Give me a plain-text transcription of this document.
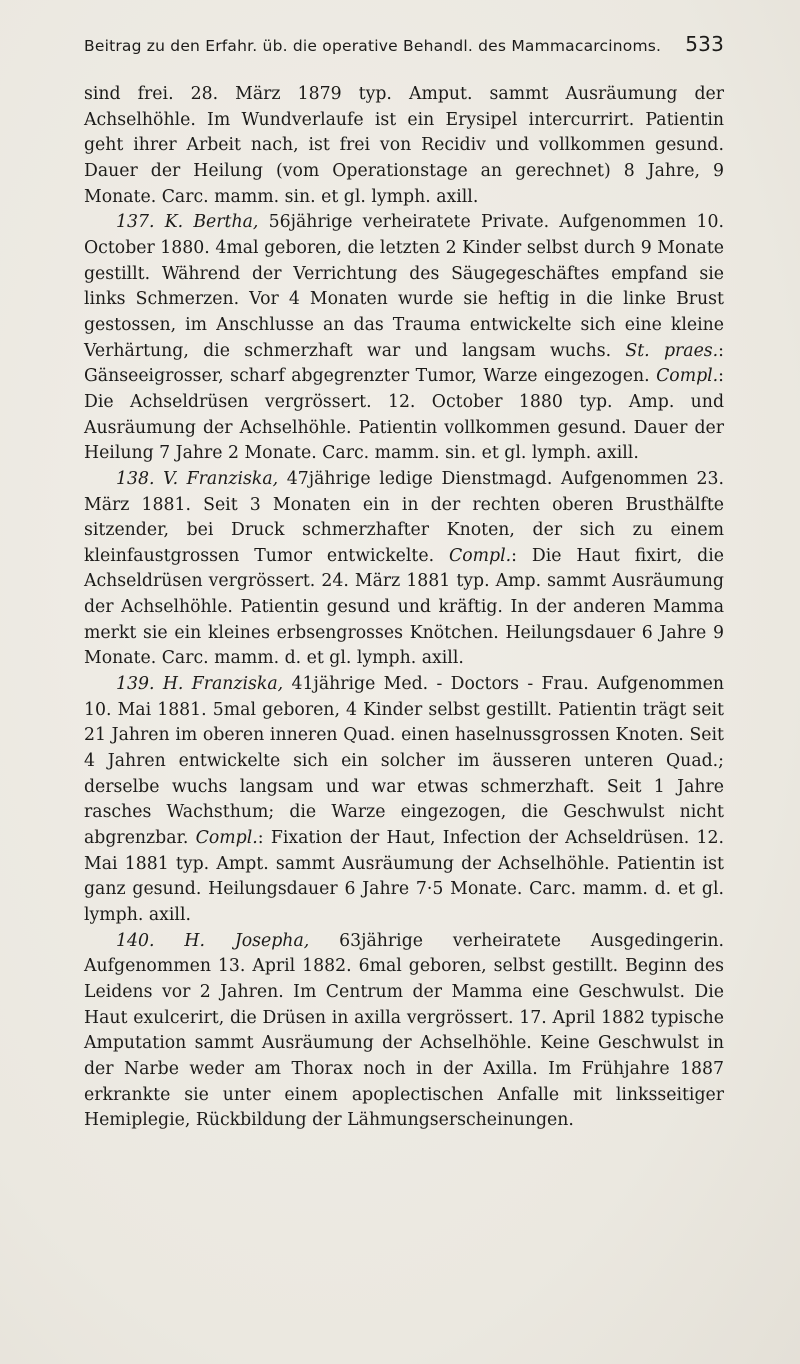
Beitrag zu den Erfahr. üb. die operative Behandl. des Mammacarcinoms. 533

sind frei. 28. März 1879 typ. Amput. sammt Ausräumung der Achselhöhle. Im Wundverlaufe ist ein Erysipel intercurrirt. Patientin geht ihrer Arbeit nach, ist frei von Recidiv und vollkommen gesund. Dauer der Heilung (vom Operationstage an gerechnet) 8 Jahre, 9 Monate. Carc. mamm. sin. et gl. lymph. axill.

137. K. Bertha, 56jährige verheiratete Private. Aufgenommen 10. October 1880. 4mal geboren, die letzten 2 Kinder selbst durch 9 Monate gestillt. Während der Verrichtung des Säugegeschäftes empfand sie links Schmerzen. Vor 4 Monaten wurde sie heftig in die linke Brust gestossen, im Anschlusse an das Trauma entwickelte sich eine kleine Verhärtung, die schmerzhaft war und langsam wuchs. St. praes.: Gänseeigrosser, scharf abgegrenzter Tumor, Warze eingezogen. Compl.: Die Achseldrüsen vergrössert. 12. October 1880 typ. Amp. und Ausräumung der Achselhöhle. Patientin vollkommen gesund. Dauer der Heilung 7 Jahre 2 Monate. Carc. mamm. sin. et gl. lymph. axill.

138. V. Franziska, 47jährige ledige Dienstmagd. Aufgenommen 23. März 1881. Seit 3 Monaten ein in der rechten oberen Brusthälfte sitzender, bei Druck schmerzhafter Knoten, der sich zu einem kleinfaustgrossen Tumor entwickelte. Compl.: Die Haut fixirt, die Achseldrüsen vergrössert. 24. März 1881 typ. Amp. sammt Ausräumung der Achselhöhle. Patientin gesund und kräftig. In der anderen Mamma merkt sie ein kleines erbsengrosses Knötchen. Heilungsdauer 6 Jahre 9 Monate. Carc. mamm. d. et gl. lymph. axill.

139. H. Franziska, 41jährige Med. - Doctors - Frau. Aufgenommen 10. Mai 1881. 5mal geboren, 4 Kinder selbst gestillt. Patientin trägt seit 21 Jahren im oberen inneren Quad. einen haselnussgrossen Knoten. Seit 4 Jahren entwickelte sich ein solcher im äusseren unteren Quad.; derselbe wuchs langsam und war etwas schmerzhaft. Seit 1 Jahre rasches Wachsthum; die Warze eingezogen, die Geschwulst nicht abgrenzbar. Compl.: Fixation der Haut, Infection der Achseldrüsen. 12. Mai 1881 typ. Ampt. sammt Ausräumung der Achselhöhle. Patientin ist ganz gesund. Heilungsdauer 6 Jahre 7·5 Monate. Carc. mamm. d. et gl. lymph. axill.

140. H. Josepha, 63jährige verheiratete Ausgedingerin. Aufgenommen 13. April 1882. 6mal geboren, selbst gestillt. Beginn des Leidens vor 2 Jahren. Im Centrum der Mamma eine Geschwulst. Die Haut exulcerirt, die Drüsen in axilla vergrössert. 17. April 1882 typische Amputation sammt Ausräumung der Achselhöhle. Keine Geschwulst in der Narbe weder am Thorax noch in der Axilla. Im Frühjahre 1887 erkrankte sie unter einem apoplectischen Anfalle mit linksseitiger Hemiplegie, Rückbildung der Lähmungserscheinungen.
